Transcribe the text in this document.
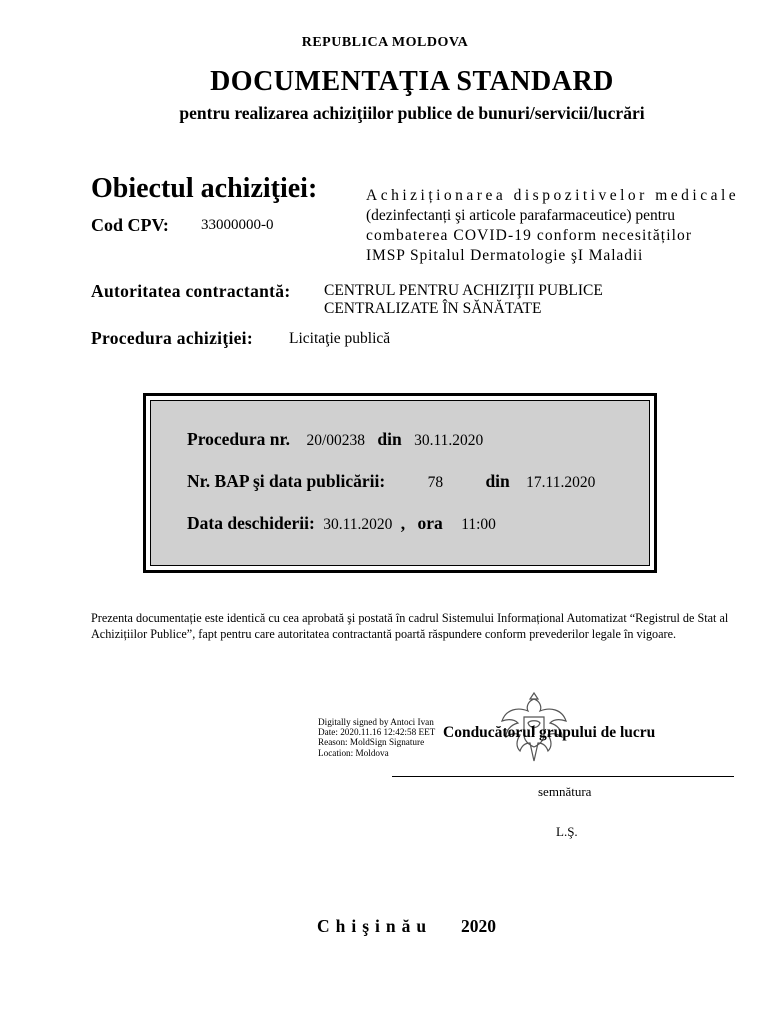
REPUBLICA MOLDOVA
DOCUMENTAŢIA STANDARD
pentru realizarea achiziţiilor publice de bunuri/servicii/lucrări
Obiectul achiziţiei:
Cod CPV: 33000000-0
Achiziționarea dispozitivelor medicale
(dezinfectanți şi articole parafarmaceutice) pentru
combaterea COVID-19 conform necesităților
IMSP Spitalul Dermatologie şI Maladii
Autoritatea contractantă: CENTRUL PENTRU ACHIZIŢII PUBLICE
CENTRALIZATE ÎN SĂNĂTATE
Procedura achiziţiei: Licitaţie publică
Procedura nr. 20/00238 din 30.11.2020
Nr. BAP şi data publicării:	78 din 17.11.2020
Data deschiderii: 30.11.2020 , ora 11:00
Prezenta documentație este identică cu cea aprobată şi postată în cadrul Sistemului Informațional Automatizat “Registrul de Stat al Achizițiilor Publice”, fapt pentru care autoritatea contractantă poartă răspundere conform prevederilor legale în vigoare.
Digitally signed by Antoci Ivan
Date: 2020.11.16 12:42:58 EET
Reason: MoldSign Signature
Location: Moldova
Conducătorul grupului de lucru
semnătura
L.Ş.
Chişinău 2020
